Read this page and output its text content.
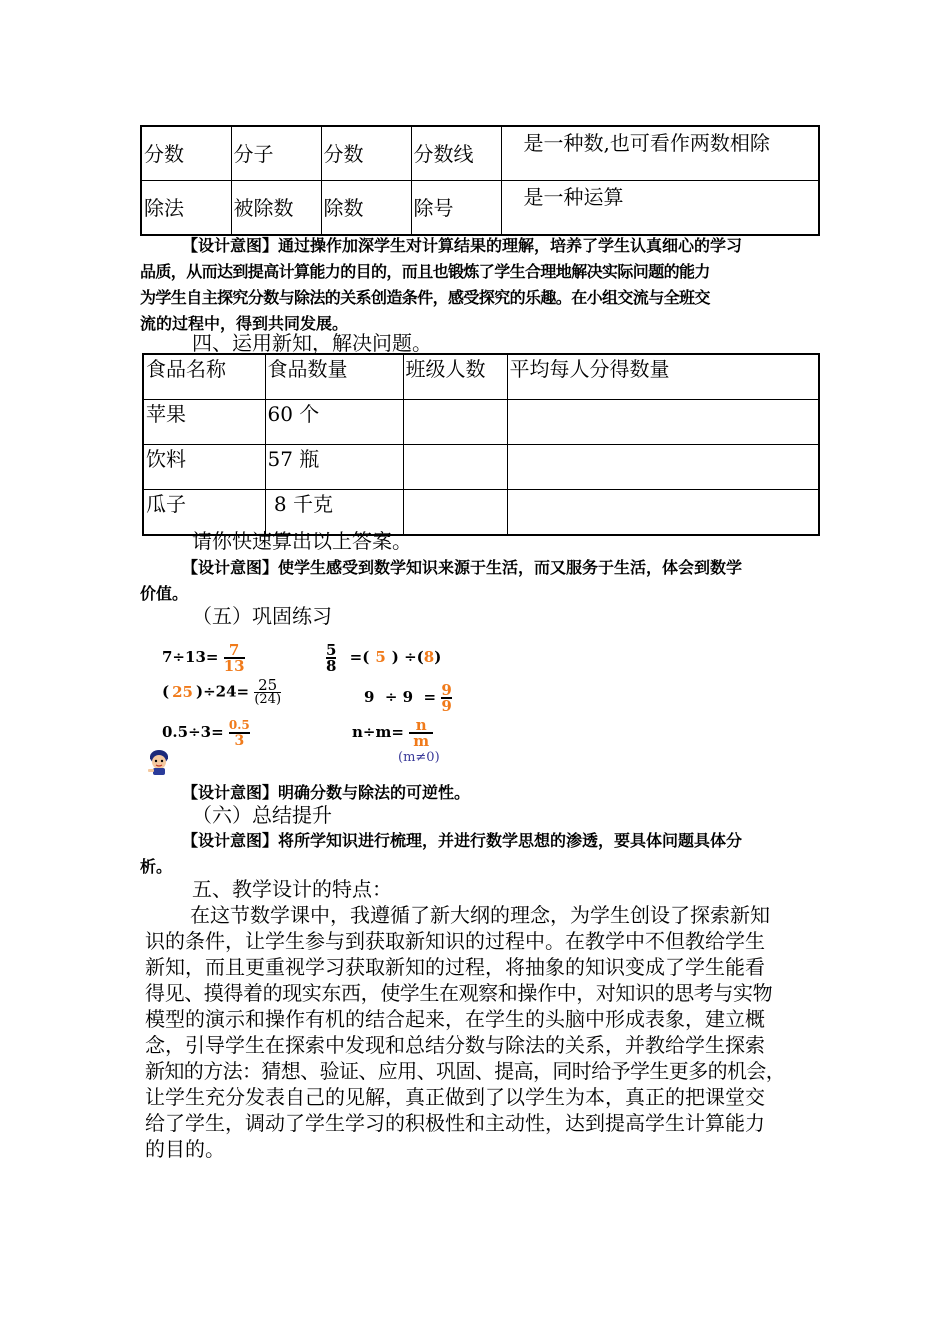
分数	分子	分数	分数线	是一种数,也可看作两数相除
除法	被除数	除数	除号	是一种运算

【设计意图】通过操作加深学生对计算结果的理解，培养了学生认真细心的学习

品质，从而达到提高计算能力的目的，而且也锻炼了学生合理地解决实际问题的能力

为学生自主探究分数与除法的关系创造条件，感受探究的乐趣。在小组交流与全班交

流的过程中，得到共同发展。

四、运用新知，解决问题。
食品名称	食品数量	班级人数	平均每人分得数量
苹果	60 个		
饮料	57 瓶		
瓜子	8 千克		
请你快速算出以上答案。

【设计意图】使学生感受到数学知识来源于生活，而又服务于生活，体会到数学

价值。

（五）巩固练习
$7\div 13= \frac{7}{13}$	$\frac{5}{8}$ =( 5 ) ÷(8)
( 25 )$\div 24= \frac{25}{(24)}$	$9 \div 9 = \frac{9}{9}$
$0.5\div 3= \frac{0.5}{3}$	$n\div m= \frac{n}{m}$
(m≠0)
【设计意图】明确分数与除法的可逆性。
（六）总结提升

【设计意图】将所学知识进行梳理，并进行数学思想的渗透，要具体问题具体分

析。

五、教学设计的特点：

在这节数学课中，我遵循了新大纲的理念，为学生创设了探索新知

识的条件，让学生参与到获取新知识的过程中。在教学中不但教给学生

新知，而且更重视学习获取新知的过程，将抽象的知识变成了学生能看

得见、摸得着的现实东西，使学生在观察和操作中，对知识的思考与实物

模型的演示和操作有机的结合起来，在学生的头脑中形成表象，建立概

念，引导学生在探索中发现和总结分数与除法的关系，并教给学生探索

新知的方法：猜想、验证、应用、巩固、提高，同时给予学生更多的机会，

让学生充分发表自己的见解，真正做到了以学生为本，真正的把课堂交

给了学生，调动了学生学习的积极性和主动性，达到提高学生计算能力

的目的。
